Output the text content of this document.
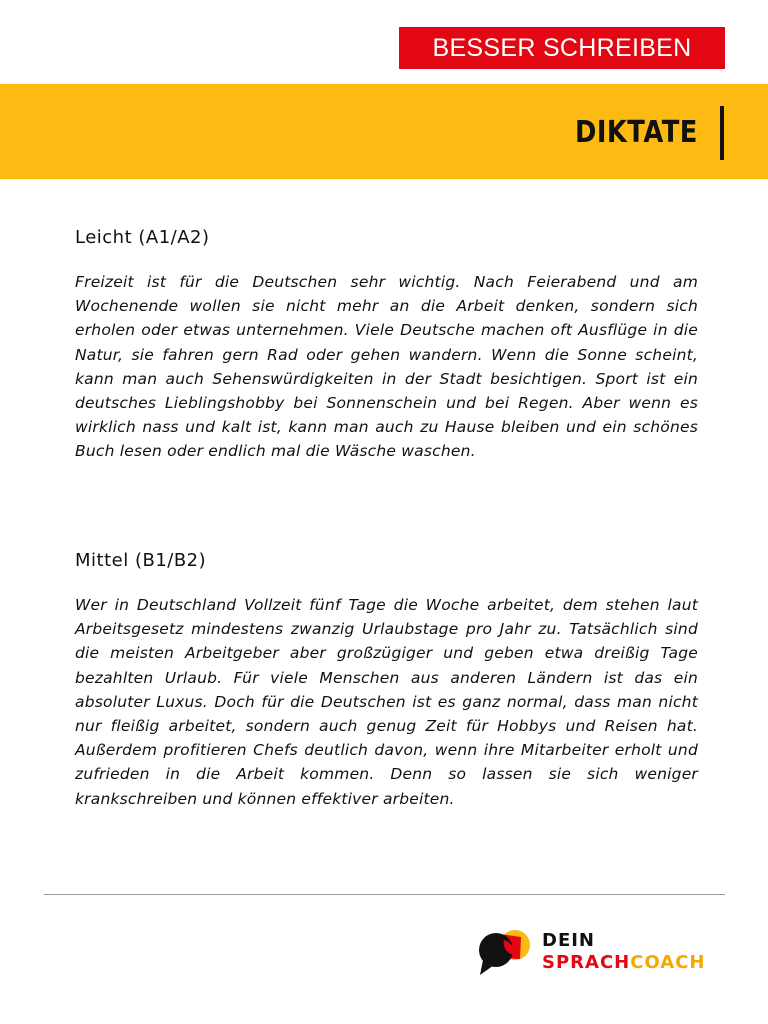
BESSER SCHREIBEN
DIKTATE
Leicht (A1/A2)

Freizeit ist für die Deutschen sehr wichtig. Nach Feierabend und am Wochenende wollen sie nicht mehr an die Arbeit denken, sondern sich erholen oder etwas unternehmen. Viele Deutsche machen oft Ausflüge in die Natur, sie fahren gern Rad oder gehen wandern. Wenn die Sonne scheint, kann man auch Sehenswürdigkeiten in der Stadt besichtigen. Sport ist ein deutsches Lieblingshobby bei Sonnenschein und bei Regen. Aber wenn es wirklich nass und kalt ist, kann man auch zu Hause bleiben und ein schönes Buch lesen oder endlich mal die Wäsche waschen.

Mittel (B1/B2)

Wer in Deutschland Vollzeit fünf Tage die Woche arbeitet, dem stehen laut Arbeitsgesetz mindestens zwanzig Urlaubstage pro Jahr zu. Tatsächlich sind die meisten Arbeitgeber aber großzügiger und geben etwa dreißig Tage bezahlten Urlaub. Für viele Menschen aus anderen Ländern ist das ein absoluter Luxus. Doch für die Deutschen ist es ganz normal, dass man nicht nur fleißig arbeitet, sondern auch genug Zeit für Hobbys und Reisen hat. Außerdem profitieren Chefs deutlich davon, wenn ihre Mitarbeiter erholt und zufrieden in die Arbeit kommen. Denn so lassen sie sich weniger krankschreiben und können effektiver arbeiten.

DEIN
SPRACHCOACH
